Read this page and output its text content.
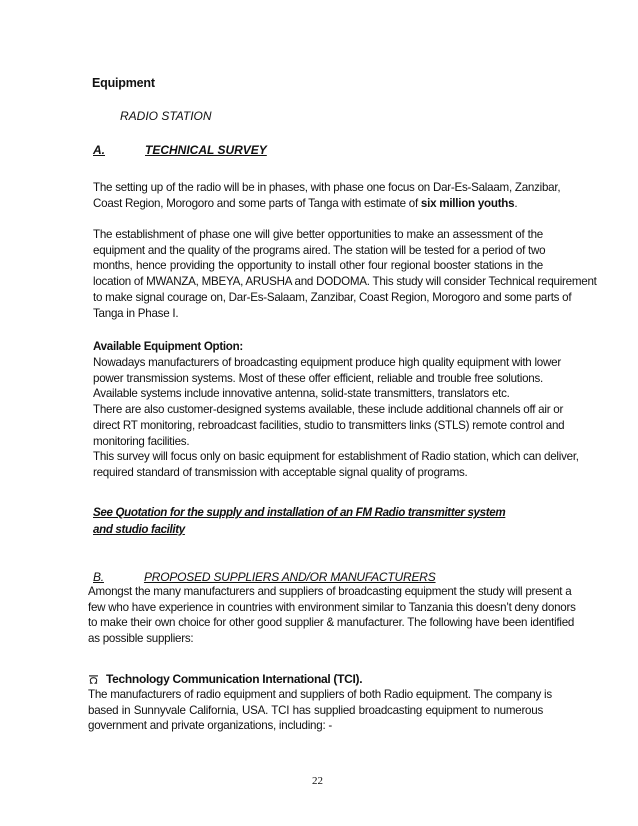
Equipment
RADIO STATION
A.	TECHNICAL SURVEY
The setting up of the radio will be in phases, with phase one focus on Dar-Es-Salaam, Zanzibar,
Coast Region, Morogoro and some parts of Tanga with estimate of six million youths.
The establishment of phase one will give better opportunities to make an assessment of the
equipment and the quality of the programs aired. The station will be tested for a period of two
months, hence providing the opportunity to install other four regional booster stations in the
location of MWANZA, MBEYA, ARUSHA and DODOMA. This study will consider Technical requirement
to make signal courage on, Dar-Es-Salaam, Zanzibar, Coast Region, Morogoro and some parts of
Tanga in Phase I.
Available Equipment Option:
Nowadays manufacturers of broadcasting equipment produce high quality equipment with lower
power transmission systems. Most of these offer efficient, reliable and trouble free solutions.
Available systems include innovative antenna, solid-state transmitters, translators etc.
There are also customer-designed systems available, these include additional channels off air or
direct RT monitoring, rebroadcast facilities, studio to transmitters links (STLS) remote control and
monitoring facilities.
This survey will focus only on basic equipment for establishment of Radio station, which can deliver,
required standard of transmission with acceptable signal quality of programs.
See Quotation for the supply and installation of an FM Radio transmitter system
and studio facility
B.	PROPOSED SUPPLIERS AND/OR MANUFACTURERS
Amongst the many manufacturers and suppliers of broadcasting equipment the study will present a
few who have experience in countries with environment similar to Tanzania this doesn’t deny donors
to make their own choice for other good supplier & manufacturer. The following have been identified
as possible suppliers:
Technology Communication International (TCI).
The manufacturers of radio equipment and suppliers of both Radio equipment. The company is
based in Sunnyvale California, USA. TCI has supplied broadcasting equipment to numerous
government and private organizations, including: -
22
